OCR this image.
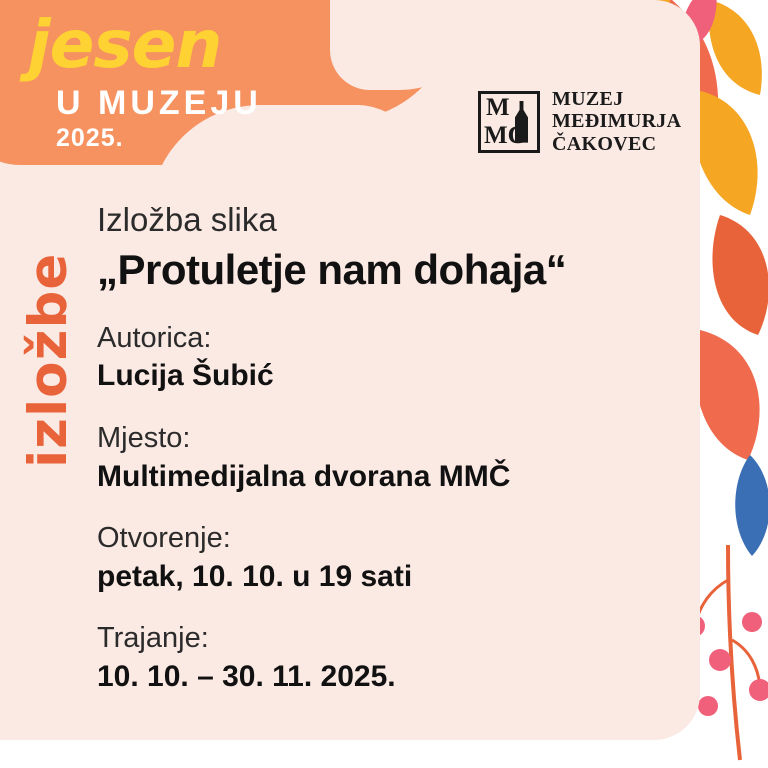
jesen
U MUZEJU
2025.
M
MC
MUZEJ
MEĐIMURJA
ČAKOVEC
izložbe
Izložba slika
„Protuletje nam dohaja“
Autorica:
Lucija Šubić
Mjesto:
Multimedijalna dvorana MMČ
Otvorenje:
petak, 10. 10. u 19 sati
Trajanje:
10. 10. – 30. 11. 2025.
